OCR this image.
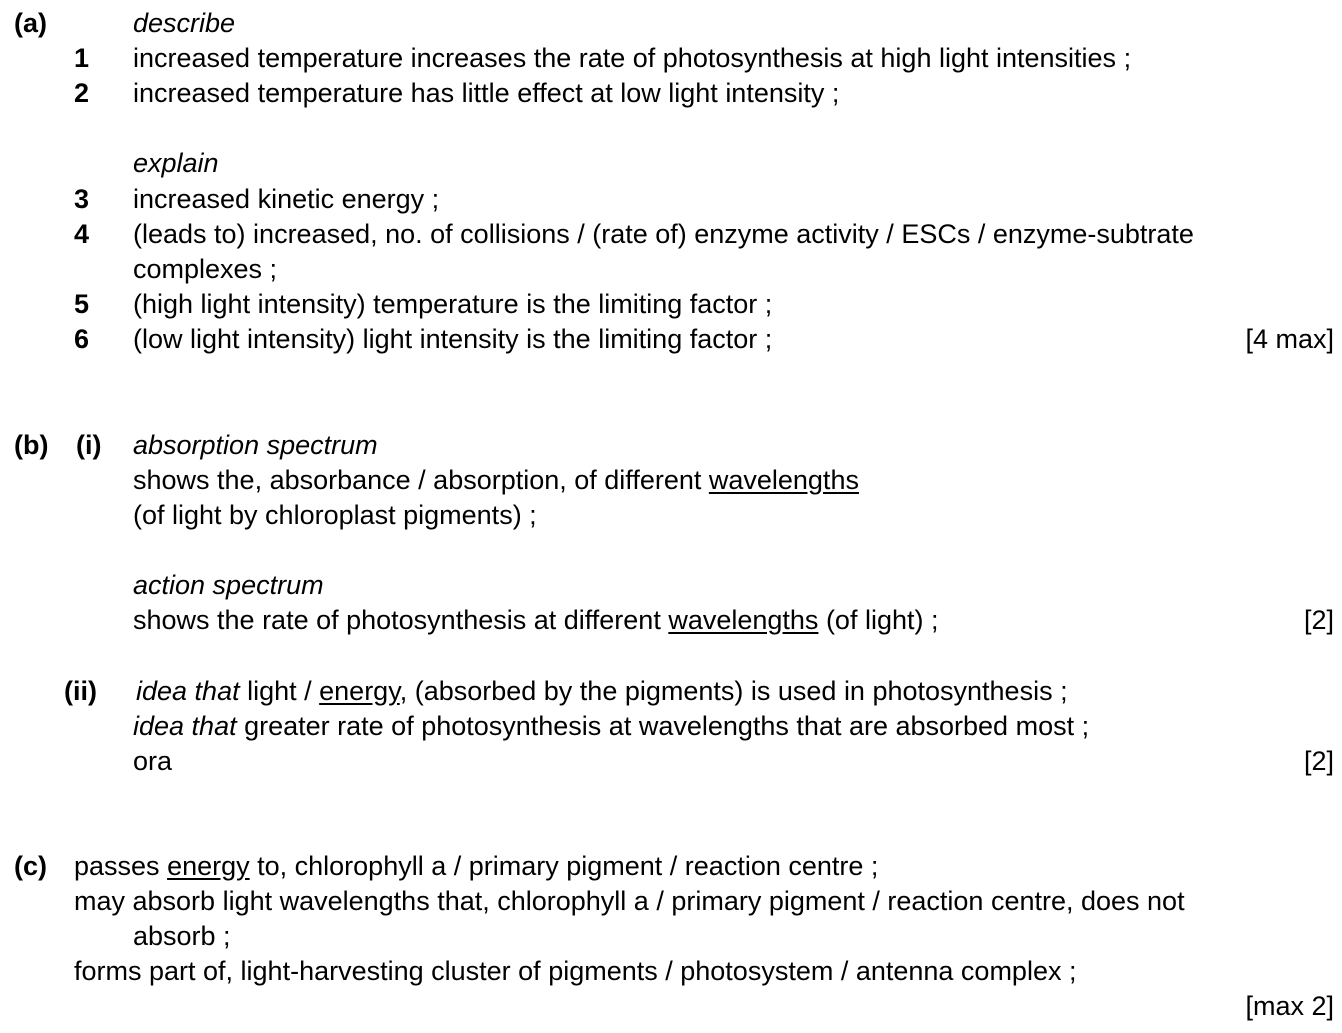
(a)	describe
1 increased temperature increases the rate of photosynthesis at high light intensities ;
2 increased temperature has little effect at low light intensity ;
explain
3 increased kinetic energy ;
4 (leads to) increased, no. of collisions / (rate of) enzyme activity / ESCs / enzyme-subtrate
complexes ;
5 (high light intensity) temperature is the limiting factor ;
6 (low light intensity) light intensity is the limiting factor ;	[4 max]
(b) (i) absorption spectrum
shows the, absorbance / absorption, of different wavelengths
(of light by chloroplast pigments) ;
action spectrum
shows the rate of photosynthesis at different wavelengths (of light) ;	[2]
(ii) idea that light / energy, (absorbed by the pigments) is used in photosynthesis ;
idea that greater rate of photosynthesis at wavelengths that are absorbed most ;
ora	[2]
(c) passes energy to, chlorophyll a / primary pigment / reaction centre ;
may absorb light wavelengths that, chlorophyll a / primary pigment / reaction centre, does not
absorb ;
forms part of, light-harvesting cluster of pigments / photosystem / antenna complex ;
[max 2]
